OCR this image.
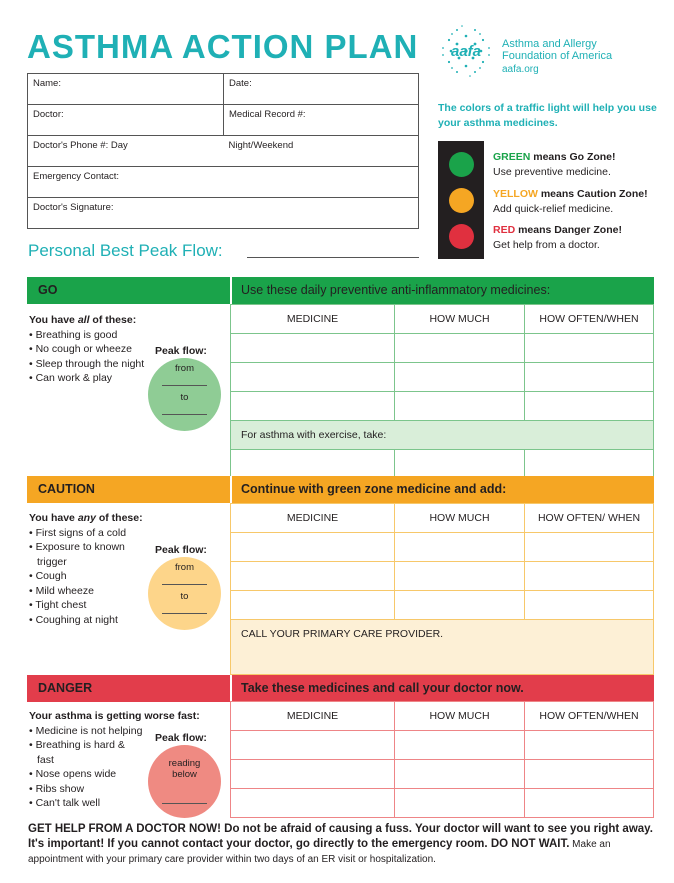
ASTHMA ACTION PLAN aafa Asthma and Allergy
Foundation of America
aafa.org
Name:	Date:
Doctor:	Medical Record #:
Doctor's Phone #: Day	Night/Weekend
Emergency Contact:	
Doctor's Signature:	
Personal Best Peak Flow:
The colors of a traffic light will help you use your asthma medicines.
GREEN means Go Zone!
Use preventive medicine.
YELLOW means Caution Zone!
Add quick-relief medicine.
RED means Danger Zone!
Get help from a doctor.
GO	Use these daily preventive anti-inflammatory medicines:
You have all of these:
• Breathing is good
• No cough or wheeze
• Sleep through the night
• Can work & play
Peak flow:
from
to
MEDICINE	HOW MUCH	HOW OFTEN/WHEN

For asthma with exercise, take:		

CAUTION	Continue with green zone medicine and add:
You have any of these:
• First signs of a cold
• Exposure to known trigger
• Cough
• Mild wheeze
• Tight chest
• Coughing at night
Peak flow:
from
to
MEDICINE	HOW MUCH	HOW OFTEN/ WHEN

CALL YOUR PRIMARY CARE PROVIDER.		
DANGER	Take these medicines and call your doctor now.
Your asthma is getting worse fast:
• Medicine is not helping
• Breathing is hard & fast
• Nose opens wide
• Ribs show
• Can't talk well
Peak flow:
reading below
MEDICINE	HOW MUCH	HOW OFTEN/WHEN

GET HELP FROM A DOCTOR NOW! Do not be afraid of causing a fuss. Your doctor will want to see you right away. It's important! If you cannot contact your doctor, go directly to the emergency room. DO NOT WAIT. Make an appointment with your primary care provider within two days of an ER visit or hospitalization.
